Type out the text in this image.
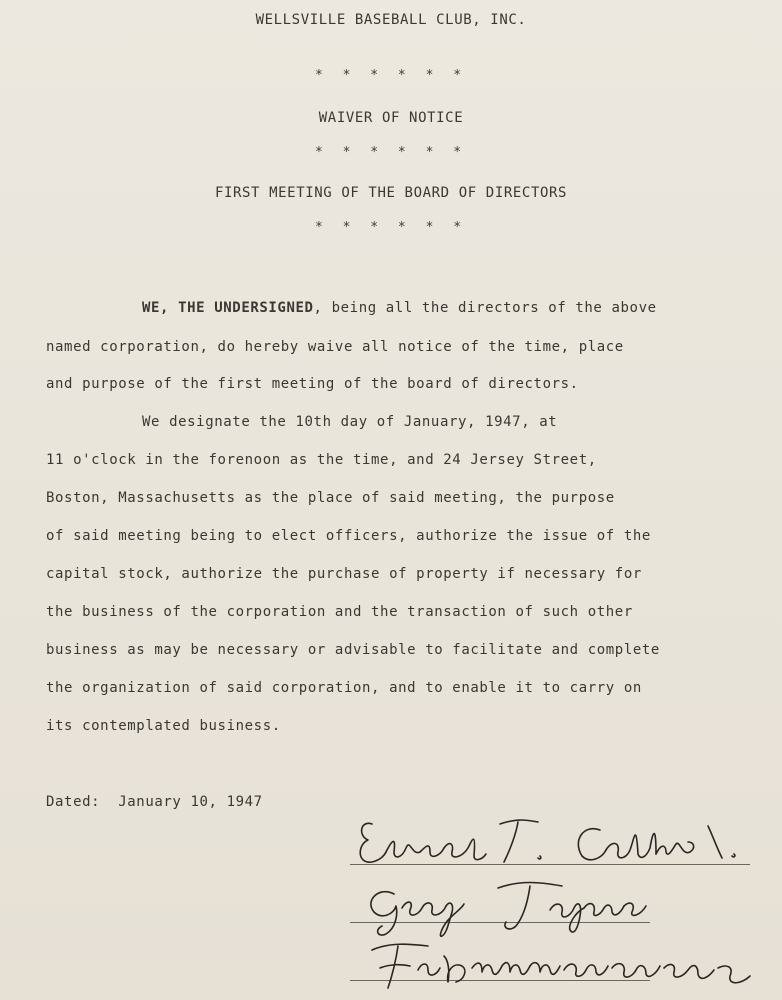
WELLSVILLE BASEBALL CLUB, INC.
* * * * * *
WAIVER OF NOTICE
* * * * * *
FIRST MEETING OF THE BOARD OF DIRECTORS
* * * * * *
WE, THE UNDERSIGNED, being all the directors of the above
named corporation, do hereby waive all notice of the time, place
and purpose of the first meeting of the board of directors.
We designate the 10th day of January, 1947, at
11 o'clock in the forenoon as the time, and 24 Jersey Street,
Boston, Massachusetts as the place of said meeting, the purpose
of said meeting being to elect officers, authorize the issue of the
capital stock, authorize the purchase of property if necessary for
the business of the corporation and the transaction of such other
business as may be necessary or advisable to facilitate and complete
the organization of said corporation, and to enable it to carry on
its contemplated business.
Dated: January 10, 1947
